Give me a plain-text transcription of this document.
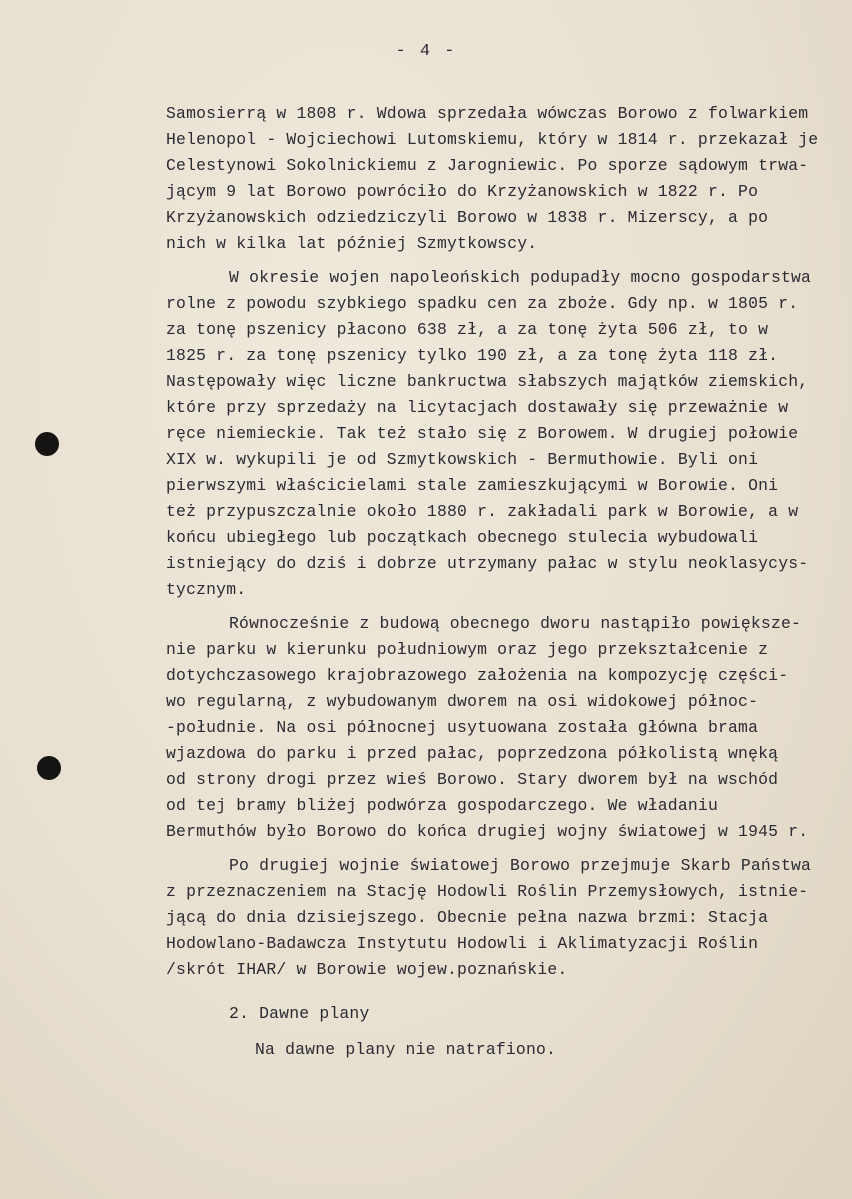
- 4 -
Samosierrą w 1808 r. Wdowa sprzedała wówczas Borowo z folwarkiem
Helenopol - Wojciechowi Lutomskiemu, który w 1814 r. przekazał je
Celestynowi Sokolnickiemu z Jarogniewic. Po sporze sądowym trwa-
jącym 9 lat Borowo powróciło do Krzyżanowskich w 1822 r. Po
Krzyżanowskich odziedziczyli Borowo w 1838 r. Mizerscy, a po
nich w kilka lat później Szmytkowscy.
W okresie wojen napoleońskich podupadły mocno gospodarstwa
rolne z powodu szybkiego spadku cen za zboże. Gdy np. w 1805 r.
za tonę pszenicy płacono 638 zł, a za tonę żyta 506 zł, to w
1825 r. za tonę pszenicy tylko 190 zł, a za tonę żyta 118 zł.
Następowały więc liczne bankructwa słabszych majątków ziemskich,
które przy sprzedaży na licytacjach dostawały się przeważnie w
ręce niemieckie. Tak też stało się z Borowem. W drugiej połowie
XIX w. wykupili je od Szmytkowskich - Bermuthowie. Byli oni
pierwszymi właścicielami stale zamieszkującymi w Borowie. Oni
też przypuszczalnie około 1880 r. zakładali park w Borowie, a w
końcu ubiegłego lub początkach obecnego stulecia wybudowali
istniejący do dziś i dobrze utrzymany pałac w stylu neoklasycys-
tycznym.
Równocześnie z budową obecnego dworu nastąpiło powiększe-
nie parku w kierunku południowym oraz jego przekształcenie z
dotychczasowego krajobrazowego założenia na kompozycję części-
wo regularną, z wybudowanym dworem na osi widokowej północ-
-południe. Na osi północnej usytuowana została główna brama
wjazdowa do parku i przed pałac, poprzedzona półkolistą wnęką
od strony drogi przez wieś Borowo. Stary dworem był na wschód
od tej bramy bliżej podwórza gospodarczego. We władaniu
Bermuthów było Borowo do końca drugiej wojny światowej w 1945 r.
Po drugiej wojnie światowej Borowo przejmuje Skarb Państwa
z przeznaczeniem na Stację Hodowli Roślin Przemysłowych, istnie-
jącą do dnia dzisiejszego. Obecnie pełna nazwa brzmi: Stacja
Hodowlano-Badawcza Instytutu Hodowli i Aklimatyzacji Roślin
/skrót IHAR/ w Borowie wojew.poznańskie.
2. Dawne plany
Na dawne plany nie natrafiono.
